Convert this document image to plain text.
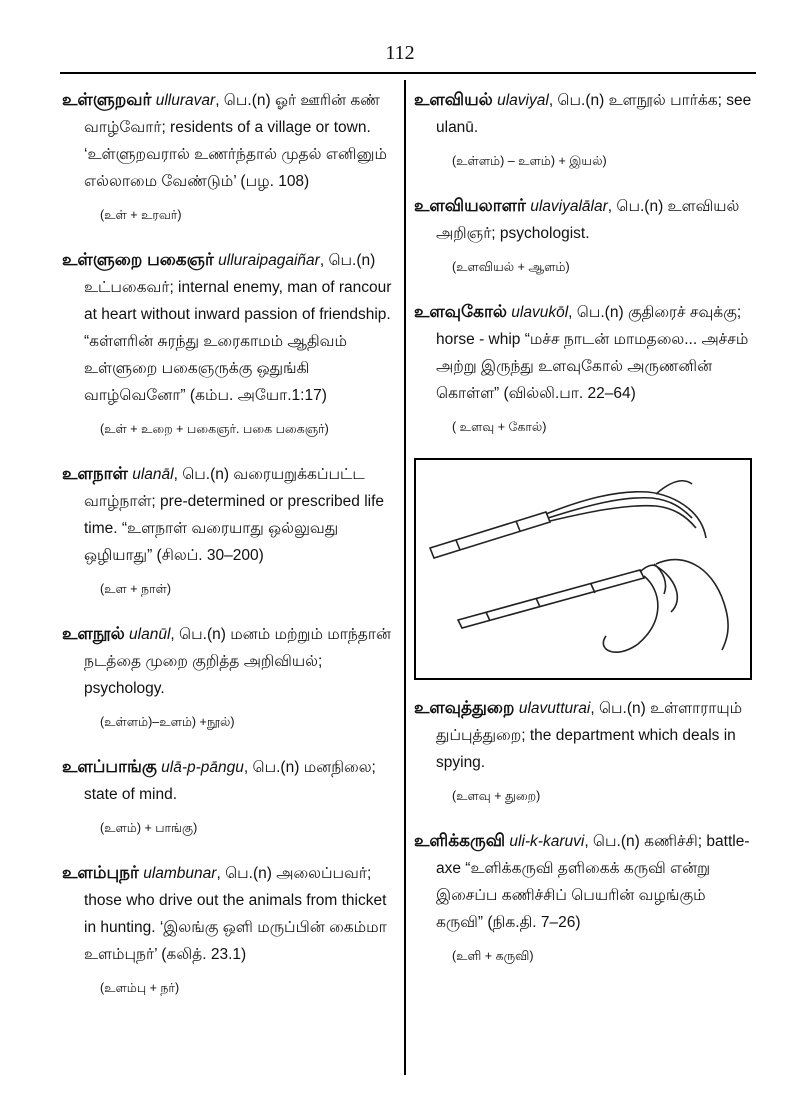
112

உள்ளுறவர் ulluravar, பெ.(n) ஓர் ஊரின் கண் வாழ்வோர்; residents of a village or town. ‘உள்ளுறவரால் உணர்ந்தால் முதல் எனினும் எல்லாமை வேண்டும்’ (பழ. 108)

(உள் + உரவர்)

உள்ளுறை பகைஞர் ulluraipagaiñar, பெ.(n) உட்பகைவர்; internal enemy, man of rancour at heart without inward passion of friendship. “கள்ளரின் சுரந்து உரைகாமம் ஆதிவம் உள்ளுறை பகைஞருக்கு ஒதுங்கி வாழ்வெனோ” (கம்ப. அயோ.1:17)

(உள் + உறை + பகைஞர். பகை பகைஞர்)

உளநாள் ulanāl, பெ.(n) வரையறுக்கப்பட்ட வாழ்நாள்; pre-determined or prescribed life time. “உளநாள் வரையாது ஒல்லுவது ஒழியாது” (சிலப். 30–200)

(உள + நாள்)

உளநூல் ulanūl, பெ.(n) மனம் மற்றும் மாந்தான் நடத்தை முறை குறித்த அறிவியல்; psychology.

(உள்ளம்)–உளம்) +நூல்)

உளப்பாங்கு ulā-p-pāngu, பெ.(n) மனநிலை; state of mind.

(உளம்) + பாங்கு)

உளம்புநர் ulambunar, பெ.(n) அலைப்பவர்; those who drive out the animals from thicket in hunting. ‘இலங்கு ஒளி மருப்பின் கைம்மா உளம்புநர்’ (கலித். 23.1)

(உளம்பு + நர்)

உளவியல் ulaviyal, பெ.(n) உளநூல் பார்க்க; see ulanū.

(உள்ளம்) – உளம்) + இயல்)

உளவியலாளர் ulaviyalālar, பெ.(n) உளவியல் அறிஞர்; psychologist.

(உளவியல் + ஆளம்)

உளவுகோல் ulavukōl, பெ.(n) குதிரைச் சவுக்கு; horse - whip “மச்ச நாடன் மாமதலை... அச்சம் அற்று இருந்து உளவுகோல் அருணனின் கொள்ள” (வில்லி.பா. 22–64)

( உளவு + கோல்)

உளவுத்துறை ulavutturai, பெ.(n) உள்ளாராயும் துப்புத்துறை; the department which deals in spying.

(உளவு + துறை)

உளிக்கருவி uli-k-karuvi, பெ.(n) கணிச்சி; battle-axe “உளிக்கருவி தளிகைக் கருவி என்று இசைப்ப கணிச்சிப் பெயரின் வழங்கும் கருவி” (நிக.தி. 7–26)

(உளி + கருவி)
